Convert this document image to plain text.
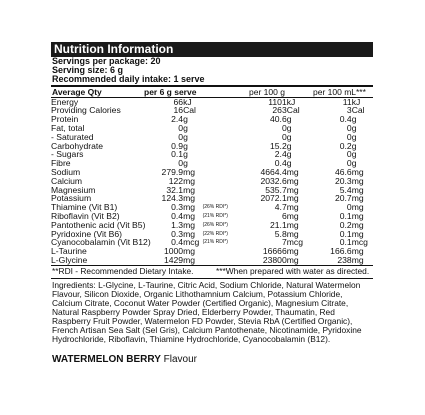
Nutrition Information
Servings per package: 20
Serving size: 6 g
Recommended daily intake: 1 serve
Average Qty	per 6 g serve	per 100 g	per 100 mL***
Energy	66	kJ		1101	kJ	11	kJ
Providing Calories	16	Cal		263	Cal	3	Cal
Protein	2.4	g		40.6	g	0.4	g
Fat, total	0	g		0	g	0	g
- Saturated	0	g		0	g	0	g
Carbohydrate	0.9	g		15.2	g	0.2	g
- Sugars	0.1	g		2.4	g	0	g
Fibre	0	g		0.4	g	0	g
Sodium	279.9	mg		4664.4	mg	46.6	mg
Calcium	122	mg		2032.6	mg	20.3	mg
Magnesium	32.1	mg		535.7	mg	5.4	mg
Potassium	124.3	mg		2072.1	mg	20.7	mg
Thiamine (Vit B1)	0.3	mg	(26% RDI*)	4.7	mg	0	mg
Riboflavin (Vit B2)	0.4	mg	(21% RDI*)	6	mg	0.1	mg
Pantothenic acid (Vit B5)	1.3	mg	(26% RDI*)	21.1	mg	0.2	mg
Pyridoxine (Vit B6)	0.3	mg	(22% RDI*)	5.8	mg	0.1	mg
Cyanocobalamin (Vit B12)	0.4	mcg	(21% RDI*)	7	mcg	0.1	mcg
L-Taurine	1000	mg		16666	mg	166.6	mg
L-Glycine	1429	mg		23800	mg	238	mg
**RDI - Recommended Dietary Intake.	***When prepared with water as directed.
Ingredients: L-Glycine, L-Taurine, Citric Acid, Sodium Chloride, Natural Watermelon Flavour, Silicon Dioxide, Organic Lithothamnium Calcium, Potassium Chloride, Calcium Citrate, Coconut Water Powder (Certified Organic), Magnesium Citrate, Natural Raspberry Powder Spray Dried, Elderberry Powder, Thaumatin, Red Raspberry Fruit Powder, Watermelon FD Powder, Stevia RbA (Certified Organic), French Artisan Sea Salt (Sel Gris), Calcium Pantothenate, Nicotinamide, Pyridoxine Hydrochloride, Riboflavin, Thiamine Hydrochloride, Cyanocobalamin (B12).
WATERMELON BERRY Flavour
